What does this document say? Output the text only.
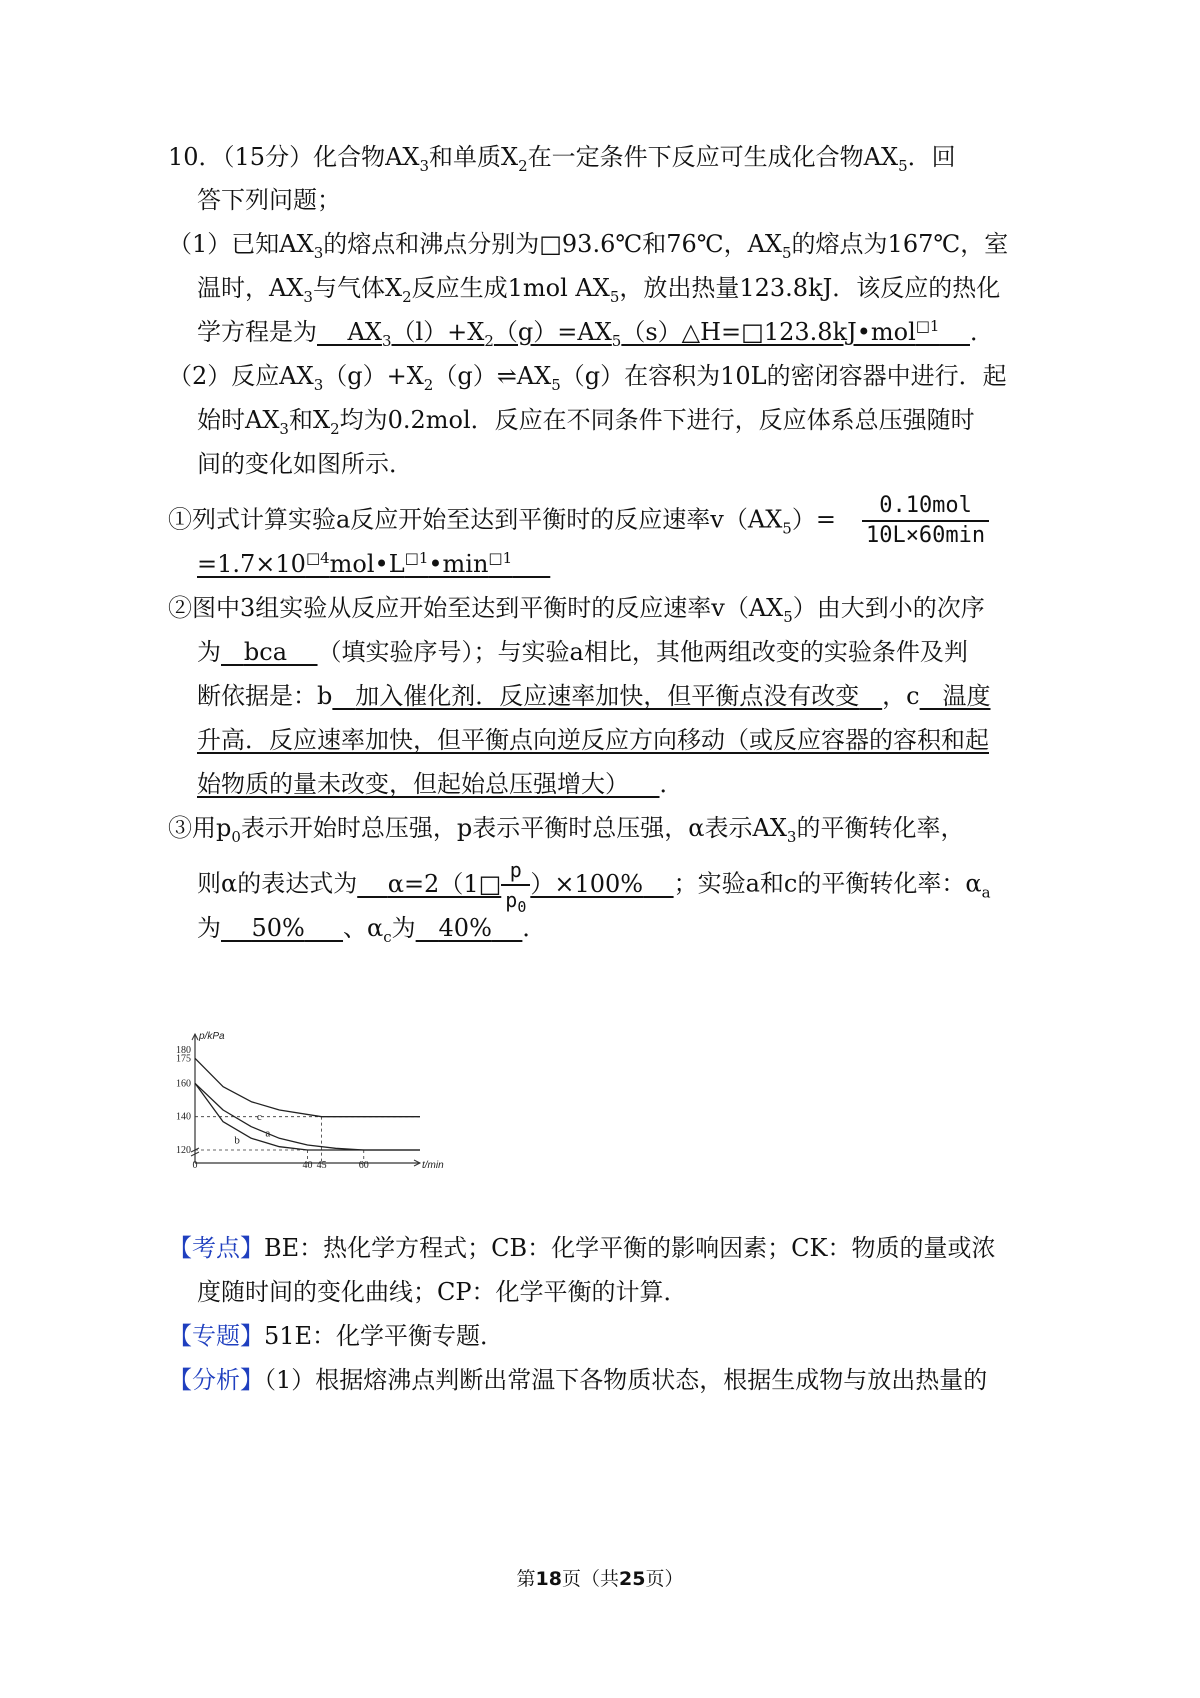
10．（15分）化合物$AX_3$和单质$X_2$在一定条件下反应可生成化合物$AX_5$．回
答下列问题；
（1）已知$AX_3$的熔点和沸点分别为□93.6℃和76℃，$AX_5$的熔点为167℃，室
温时，$AX_3$与气体$X_2$反应生成1mol $AX_5$，放出热量123.8kJ．该反应的热化
学方程是为 $AX_3(l)+X_2(g)=AX_5(s)\triangle H=□123.8kJ•mol^{□1}$ ．
（2）反应$AX_3(g)+X_2(g)\rightleftharpoons AX_5(g)$在容积为10L的密闭容器中进行．起
始时$AX_3$和$X_2$均为0.2mol．反应在不同条件下进行，反应体系总压强随时
间的变化如图所示．
①列式计算实验a反应开始至达到平衡时的反应速率$v(AX_5)= \frac{\text{0.10mol}}{10L\times 60\min}$
$=1.7\times 10^{□4}mol•L^{□1}•\min^{□1}$
②图中3组实验从反应开始至达到平衡时的反应速率$v(AX_5)$由大到小的次序
为 bca （填实验序号）；与实验a相比，其他两组改变的实验条件及判
断依据是：b 加入催化剂．反应速率加快，但平衡点没有改变 ，c 温度
升高．反应速率加快，但平衡点向逆反应方向移动（或反应容器的容积和起
始物质的量未改变，但起始总压强增大） ．
③用$p_0$表示开始时总压强，p表示平衡时总压强，α表示$AX_3$的平衡转化率，
则α的表达式为 α=2（1□ $\frac{p}{p_0} )\times 100\%$ ；实验a和c的平衡转化率：$\alpha_a$
为 50% 、$\alpha_c$为 40% ．
180
175
160
140
120
0	40 45	60
p/kPa
t/min
a
b
c
【考点】BE：热化学方程式；CB：化学平衡的影响因素；CK：物质的量或浓
度随时间的变化曲线；CP：化学平衡的计算．
【专题】51E：化学平衡专题．
【分析】（1）根据熔沸点判断出常温下各物质状态，根据生成物与放出热量的
第18页（共25页）
